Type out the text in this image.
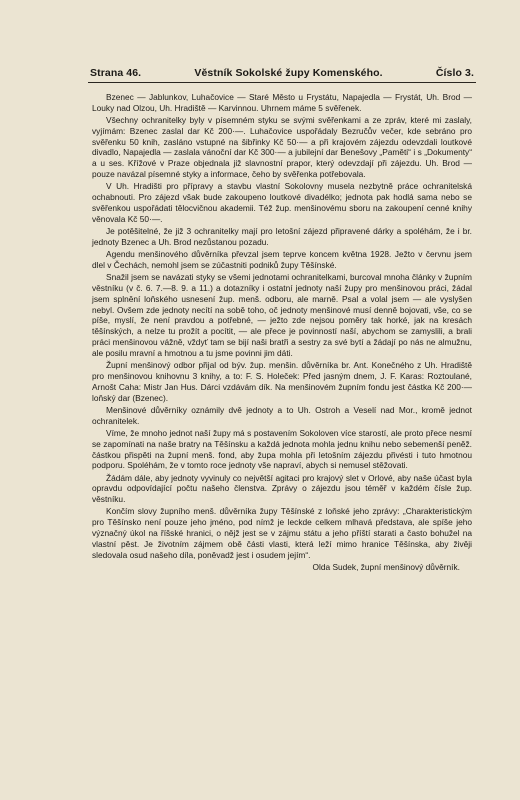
Strana 46.	Věstník Sokolské župy Komenského.	Číslo 3.

Bzenec — Jablunkov, Luhačovice — Staré Město u Frystátu, Napajedla — Frystát, Uh. Brod — Louky nad Olzou, Uh. Hradiště — Karvinnou. Uhrnem máme 5 svěřenek.

Všechny ochranitelky byly v písemném styku se svými svěřenkami a ze zpráv, které mi zaslaly, vyjímám: Bzenec zaslal dar Kč 200·—. Luhačovice uspořádaly Bezručův večer, kde sebráno pro svěřenku 50 knih, zasláno vstupné na šibřinky Kč 50·— a při krajovém zájezdu odevzdali loutkové divadlo, Napajedla — zaslala vánoční dar Kč 300·— a jubilejní dar Benešovy „Paměti“ i s „Dokumenty“ a u ses. Křížové v Praze objednala již slavnostní prapor, který odevzdají při zájezdu. Uh. Brod — pouze navázal písemné styky a informace, čeho by svěřenka potřebovala.

V Uh. Hradišti pro přípravy a stavbu vlastní Sokolovny musela nezbytně práce ochranitelská ochabnouti. Pro zájezd však bude zakoupeno loutkové divadélko; jednota pak hodlá sama nebo se svěřenkou uspořádati tělocvičnou akademii. Též žup. menšinovému sboru na zakoupení cenné knihy věnovala Kč 50·—.

Je potěšitelné, že již 3 ochranitelky mají pro letošní zájezd připravené dárky a spoléhám, že i br. jednoty Bzenec a Uh. Brod nezůstanou pozadu.

Agendu menšinového důvěrníka převzal jsem teprve koncem května 1928. Ježto v červnu jsem dlel v Čechách, nemohl jsem se zúčastniti podniků župy Těšínské.

Snažil jsem se navázati styky se všemi jednotami ochranitelkami, burcoval mnoha články v župním věstníku (v č. 6. 7.—8. 9. a 11.) a dotazníky i ostatní jednoty naší župy pro menšinovou práci, žádal jsem splnění loňského usnesení žup. menš. odboru, ale marně. Psal a volal jsem — ale vyslyšen nebyl. Ovšem zde jednoty necítí na sobě toho, oč jednoty menšinové musí denně bojovati, vše, co se píše, myslí, že není pravdou a potřebné, — ježto zde nejsou poměry tak horké, jak na kresách těšínských, a nelze tu prožít a pocítit, — ale přece je povinností naší, abychom se zamyslili, a brali práci menšinovou vážně, vždyť tam se bijí naši bratři a sestry za své bytí a žádají po nás ne almužnu, ale posilu mravní a hmotnou a tu jsme povinni jim dáti.

Župní menšinový odbor přijal od býv. žup. menšin. důvěrníka br. Ant. Konečného z Uh. Hradiště pro menšinovou knihovnu 3 knihy, a to: F. S. Holeček: Před jasným dnem, J. F. Karas: Roztoulané, Arnošt Caha: Mistr Jan Hus. Dárci vzdávám dík. Na menšinovém župním fondu jest částka Kč 200·— loňský dar (Bzenec).

Menšinové důvěrníky oznámily dvě jednoty a to Uh. Ostroh a Veselí nad Mor., kromě jednot ochranitelek.

Víme, že mnoho jednot naší župy má s postavením Sokoloven více starostí, ale proto přece nesmí se zapomínati na naše bratry na Těšínsku a každá jednota mohla jednu knihu nebo sebemenší peněž. částkou přispěti na župní menš. fond, aby župa mohla při letošním zájezdu přivésti i tuto hmotnou podporu. Spoléhám, že v tomto roce jednoty vše napraví, abych si nemusel stěžovati.

Žádám dále, aby jednoty vyvinuly co největší agitaci pro krajový slet v Orlové, aby naše účast byla opravdu odpovídající počtu našeho členstva. Zprávy o zájezdu jsou téměř v každém čísle žup. věstníku.

Končím slovy župního menš. důvěrníka župy Těšínské z loňské jeho zprávy: „Charakteristickým pro Těšínsko není pouze jeho jméno, pod nímž je leckde celkem mlhavá představa, ale spíše jeho význačný úkol na říšské hranici, o nějž jest se v zájmu státu a jeho příští starati a často bohužel na vlastní pěst. Je životním zájmem obě části vlasti, která leží mimo hranice Těšínska, aby živěji sledovala osud našeho díla, poněvadž jest i osudem jejím“.

Olda Sudek, župní menšinový důvěrník.
